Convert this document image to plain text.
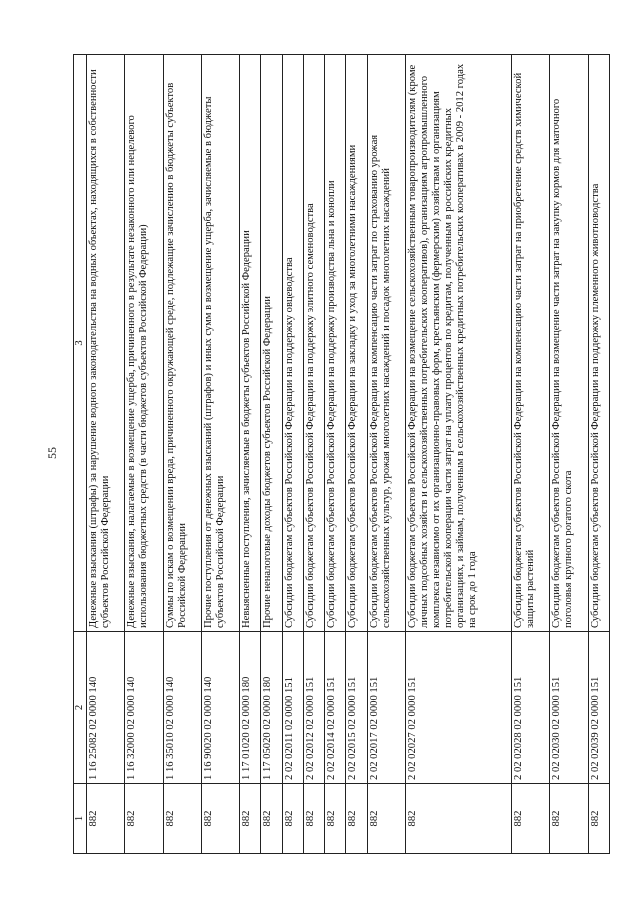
55
1	2	3
882	1 16 25082 02 0000 140	Денежные взыскания (штрафы) за нарушение водного законодательства на водных объектах, находящихся в собственности субъектов Российской Федерации
882	1 16 32000 02 0000 140	Денежные взыскания, налагаемые в возмещение ущерба, причиненного в результате незаконного или нецелевого использования бюджетных средств (в части бюджетов субъектов Российской Федерации)
882	1 16 35010 02 0000 140	Суммы по искам о возмещении вреда, причиненного окружающей среде, подлежащие зачислению в бюджеты субъектов Российской Федерации
882	1 16 90020 02 0000 140	Прочие поступления от денежных взысканий (штрафов) и иных сумм в возмещение ущерба, зачисляемые в бюджеты субъектов Российской Федерации
882	1 17 01020 02 0000 180	Невыясненные поступления, зачисляемые в бюджеты субъектов Российской Федерации
882	1 17 05020 02 0000 180	Прочие неналоговые доходы бюджетов субъектов Российской Федерации
882	2 02 02011 02 0000 151	Субсидии бюджетам субъектов Российской Федерации на поддержку овцеводства
882	2 02 02012 02 0000 151	Субсидии бюджетам субъектов Российской Федерации на поддержку элитного семеноводства
882	2 02 02014 02 0000 151	Субсидии бюджетам субъектов Российской Федерации на поддержку производства льна и конопли
882	2 02 02015 02 0000 151	Субсидии бюджетам субъектов Российской Федерации на закладку и уход за многолетними насаждениями
882	2 02 02017 02 0000 151	Субсидии бюджетам субъектов Российской Федерации на компенсацию части затрат по страхованию урожая сельскохозяйственных культур, урожая многолетних насаждений и посадок многолетних насаждений
882	2 02 02027 02 0000 151	Субсидии бюджетам субъектов Российской Федерации на возмещение сельскохозяйственным товаропроизводителям (кроме личных подсобных хозяйств и сельскохозяйственных потребительских кооперативов), организациям агропромышленного комплекса независимо от их организационно-правовых форм, крестьянским (фермерским) хозяйствам и организациям потребительской кооперации части затрат на уплату процентов по кредитам, полученным в российских кредитных организациях, и займам, полученным в сельскохозяйственных кредитных потребительских кооперативах в 2009 - 2012 годах на срок до 1 года
882	2 02 02028 02 0000 151	Субсидии бюджетам субъектов Российской Федерации на компенсацию части затрат на приобретение средств химической защиты растений
882	2 02 02030 02 0000 151	Субсидии бюджетам субъектов Российской Федерации на возмещение части затрат на закупку кормов для маточного поголовья крупного рогатого скота
882	2 02 02039 02 0000 151	Субсидии бюджетам субъектов Российской Федерации на поддержку племенного животноводства
